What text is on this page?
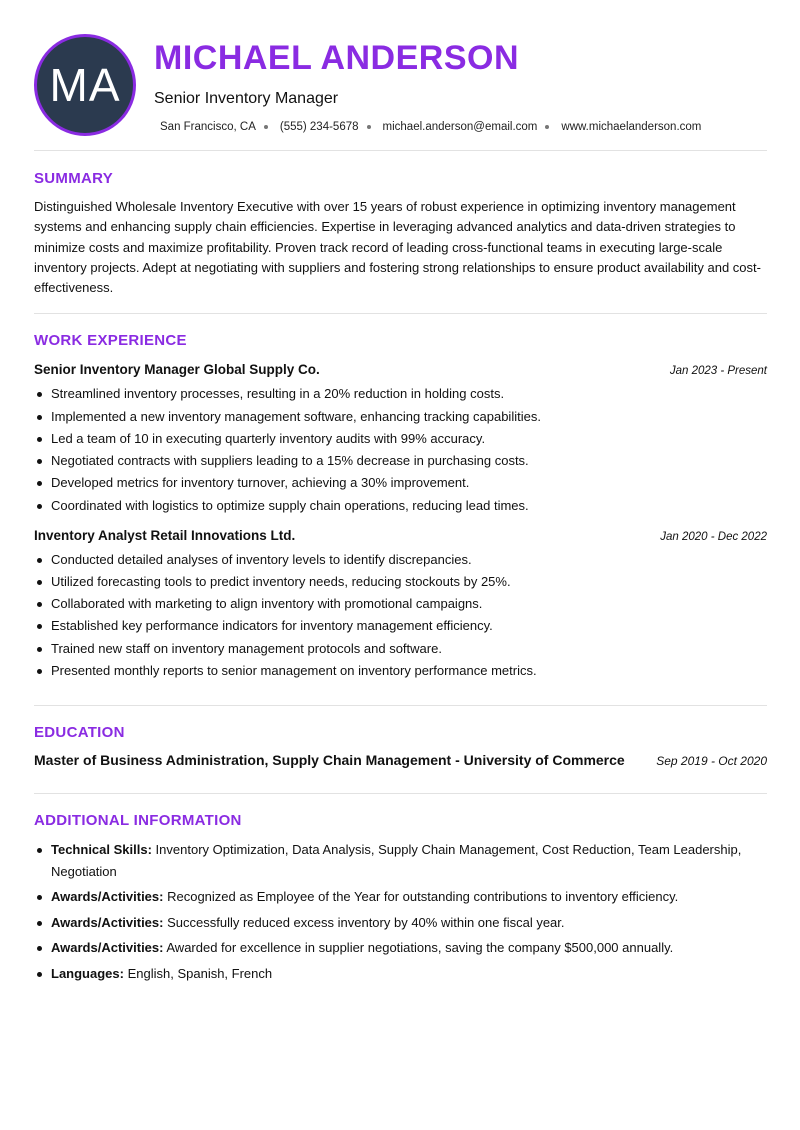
MA
MICHAEL ANDERSON

Senior Inventory Manager

San Francisco, CA (555) 234-5678 michael.anderson@email.com www.michaelanderson.com
SUMMARY

Distinguished Wholesale Inventory Executive with over 15 years of robust experience in optimizing inventory management systems and enhancing supply chain efficiencies. Expertise in leveraging advanced analytics and data-driven strategies to minimize costs and maximize profitability. Proven track record of leading cross-functional teams in executing large-scale inventory projects. Adept at negotiating with suppliers and fostering strong relationships to ensure product availability and cost-effectiveness.

WORK EXPERIENCE
Senior Inventory Manager Global Supply Co.	Jan 2023 - Present
Streamlined inventory processes, resulting in a 20% reduction in holding costs.
Implemented a new inventory management software, enhancing tracking capabilities.
Led a team of 10 in executing quarterly inventory audits with 99% accuracy.
Negotiated contracts with suppliers leading to a 15% decrease in purchasing costs.
Developed metrics for inventory turnover, achieving a 30% improvement.
Coordinated with logistics to optimize supply chain operations, reducing lead times.
Inventory Analyst Retail Innovations Ltd.	Jan 2020 - Dec 2022
Conducted detailed analyses of inventory levels to identify discrepancies.
Utilized forecasting tools to predict inventory needs, reducing stockouts by 25%.
Collaborated with marketing to align inventory with promotional campaigns.
Established key performance indicators for inventory management efficiency.
Trained new staff on inventory management protocols and software.
Presented monthly reports to senior management on inventory performance metrics.
EDUCATION
Master of Business Administration, Supply Chain Management - University of Commerce	Sep 2019 - Oct 2020
ADDITIONAL INFORMATION
Technical Skills: Inventory Optimization, Data Analysis, Supply Chain Management, Cost Reduction, Team Leadership, Negotiation
Awards/Activities: Recognized as Employee of the Year for outstanding contributions to inventory efficiency.
Awards/Activities: Successfully reduced excess inventory by 40% within one fiscal year.
Awards/Activities: Awarded for excellence in supplier negotiations, saving the company $500,000 annually.
Languages: English, Spanish, French
